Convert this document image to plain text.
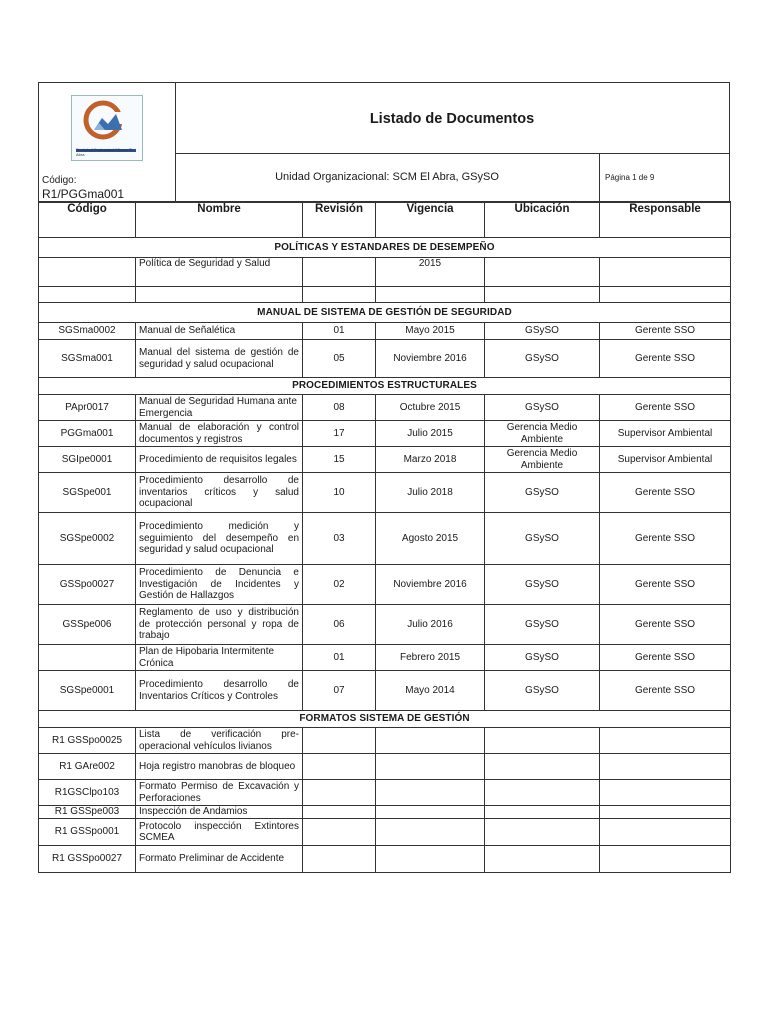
Sociedad Contractual Minera El Abra
Código:
R1/PGGma001
Listado de Documentos
Unidad Organizacional: SCM El Abra, GSySO	Página 1 de 9
Código	Nombre	Revisión	Vigencia	Ubicación	Responsable
POLÍTICAS Y ESTANDARES DE DESEMPEÑO					
	Política de Seguridad y Salud		2015		

MANUAL DE SISTEMA DE GESTIÓN DE SEGURIDAD					
SGSma0002	Manual de Señalética	01	Mayo 2015	GSySO	Gerente SSO
SGSma001	Manual del sistema de gestión de seguridad y salud ocupacional	05	Noviembre 2016	GSySO	Gerente SSO
PROCEDIMIENTOS ESTRUCTURALES					
PApr0017	Manual de Seguridad Humana ante Emergencia	08	Octubre 2015	GSySO	Gerente SSO
PGGma001	Manual de elaboración y control documentos y registros	17	Julio 2015	Gerencia Medio Ambiente	Supervisor Ambiental
SGIpe0001	Procedimiento de requisitos legales	15	Marzo 2018	Gerencia Medio Ambiente	Supervisor Ambiental
SGSpe001	Procedimiento desarrollo de inventarios críticos y salud ocupacional	10	Julio 2018	GSySO	Gerente SSO
SGSpe0002	Procedimiento medición y seguimiento del desempeño en seguridad y salud ocupacional	03	Agosto 2015	GSySO	Gerente SSO
GSSpo0027	Procedimiento de Denuncia e Investigación de Incidentes y Gestión de Hallazgos	02	Noviembre 2016	GSySO	Gerente SSO
GSSpe006	Reglamento de uso y distribución de protección personal y ropa de trabajo	06	Julio 2016	GSySO	Gerente SSO
	Plan de Hipobaria Intermitente Crónica	01	Febrero 2015	GSySO	Gerente SSO
SGSpe0001	Procedimiento desarrollo de Inventarios Críticos y Controles	07	Mayo 2014	GSySO	Gerente SSO
FORMATOS SISTEMA DE GESTIÓN					
R1 GSSpo0025	Lista de verificación pre-operacional vehículos livianos				
R1 GAre002	Hoja registro manobras de bloqueo				
R1GSClpo103	Formato Permiso de Excavación y Perforaciones				
R1 GSSpe003	Inspección de Andamios				
R1 GSSpo001	Protocolo inspección Extintores SCMEA				
R1 GSSpo0027	Formato Preliminar de Accidente				
